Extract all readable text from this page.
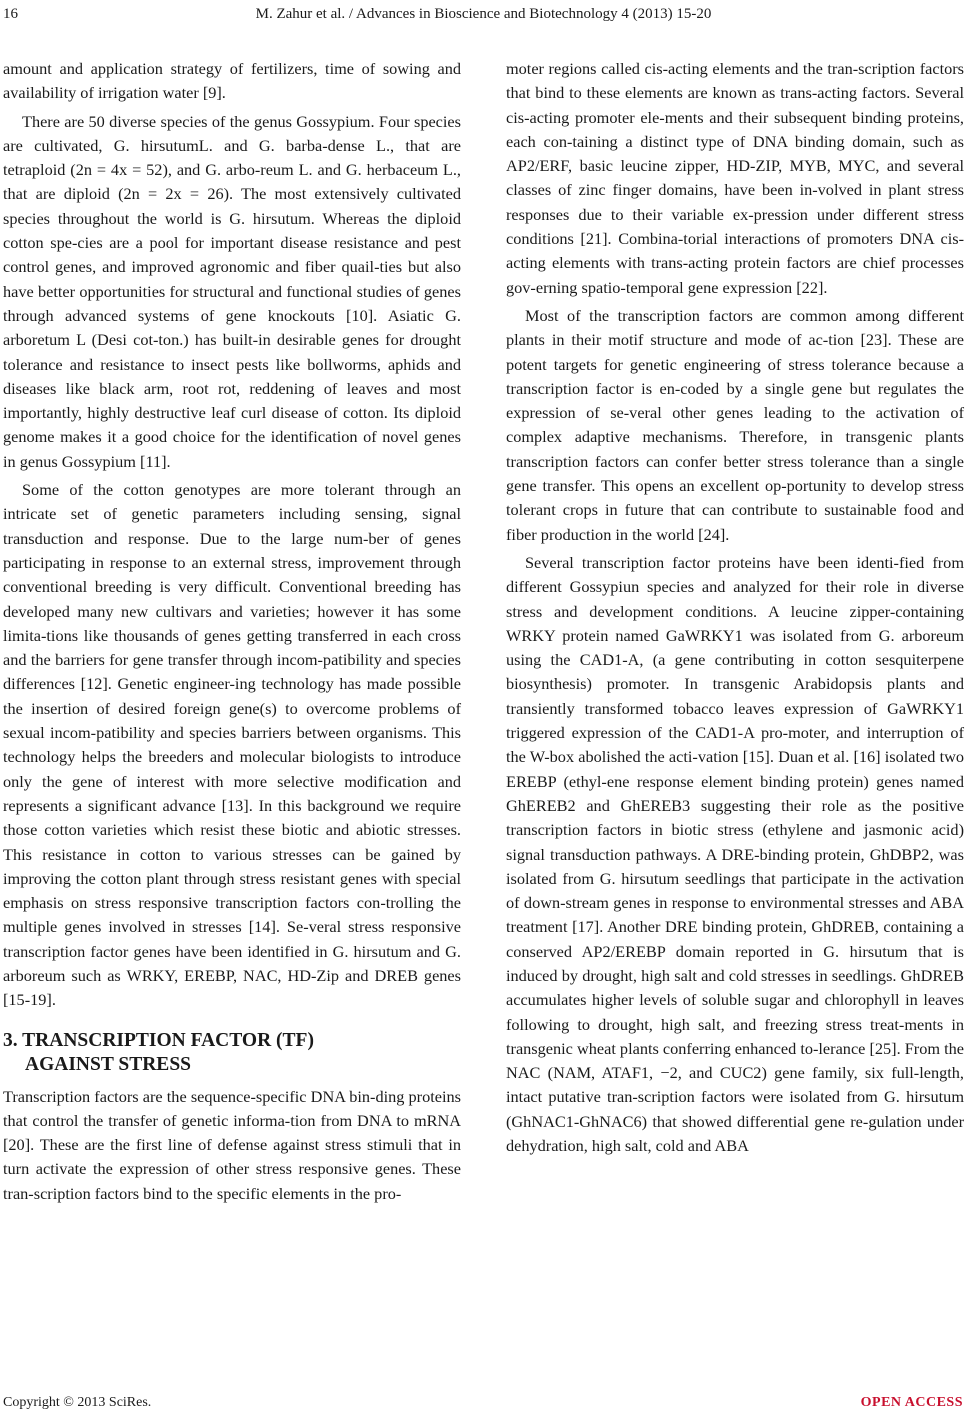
16	M. Zahur et al. / Advances in Bioscience and Biotechnology 4 (2013) 15-20

amount and application strategy of fertilizers, time of sowing and availability of irrigation water [9].

There are 50 diverse species of the genus Gossypium. Four species are cultivated, G. hirsutumL. and G. barba-dense L., that are tetraploid (2n = 4x = 52), and G. arbo-reum L. and G. herbaceum L., that are diploid (2n = 2x = 26). The most extensively cultivated species throughout the world is G. hirsutum. Whereas the diploid cotton spe-cies are a pool for important disease resistance and pest control genes, and improved agronomic and fiber quail-ties but also have better opportunities for structural and functional studies of genes through advanced systems of gene knockouts [10]. Asiatic G. arboretum L (Desi cot-ton.) has built-in desirable genes for drought tolerance and resistance to insect pests like bollworms, aphids and diseases like black arm, root rot, reddening of leaves and most importantly, highly destructive leaf curl disease of cotton. Its diploid genome makes it a good choice for the identification of novel genes in genus Gossypium [11].

Some of the cotton genotypes are more tolerant through an intricate set of genetic parameters including sensing, signal transduction and response. Due to the large num-ber of genes participating in response to an external stress, improvement through conventional breeding is very difficult. Conventional breeding has developed many new cultivars and varieties; however it has some limita-tions like thousands of genes getting transferred in each cross and the barriers for gene transfer through incom-patibility and species differences [12]. Genetic engineer-ing technology has made possible the insertion of desired foreign gene(s) to overcome problems of sexual incom-patibility and species barriers between organisms. This technology helps the breeders and molecular biologists to introduce only the gene of interest with more selective modification and represents a significant advance [13]. In this background we require those cotton varieties which resist these biotic and abiotic stresses. This resistance in cotton to various stresses can be gained by improving the cotton plant through stress resistant genes with special emphasis on stress responsive transcription factors con-trolling the multiple genes involved in stresses [14]. Se-veral stress responsive transcription factor genes have been identified in G. hirsutum and G. arboreum such as WRKY, EREBP, NAC, HD-Zip and DREB genes [15-19].

3. TRANSCRIPTION FACTOR (TF)
AGAINST STRESS

Transcription factors are the sequence-specific DNA bin-ding proteins that control the transfer of genetic informa-tion from DNA to mRNA [20]. These are the first line of defense against stress stimuli that in turn activate the expression of other stress responsive genes. These tran-scription factors bind to the specific elements in the pro-

moter regions called cis-acting elements and the tran-scription factors that bind to these elements are known as trans-acting factors. Several cis-acting promoter ele-ments and their subsequent binding proteins, each con-taining a distinct type of DNA binding domain, such as AP2/ERF, basic leucine zipper, HD-ZIP, MYB, MYC, and several classes of zinc finger domains, have been in-volved in plant stress responses due to their variable ex-pression under different stress conditions [21]. Combina-torial interactions of promoters DNA cis-acting elements with trans-acting protein factors are chief processes gov-erning spatio-temporal gene expression [22].

Most of the transcription factors are common among different plants in their motif structure and mode of ac-tion [23]. These are potent targets for genetic engineering of stress tolerance because a transcription factor is en-coded by a single gene but regulates the expression of se-veral other genes leading to the activation of complex adaptive mechanisms. Therefore, in transgenic plants transcription factors can confer better stress tolerance than a single gene transfer. This opens an excellent op-portunity to develop stress tolerant crops in future that can contribute to sustainable food and fiber production in the world [24].

Several transcription factor proteins have been identi-fied from different Gossypiun species and analyzed for their role in diverse stress and development conditions. A leucine zipper-containing WRKY protein named GaWRKY1 was isolated from G. arboreum using the CAD1-A, (a gene contributing in cotton sesquiterpene biosynthesis) promoter. In transgenic Arabidopsis plants and transiently transformed tobacco leaves expression of GaWRKY1 triggered expression of the CAD1-A pro-moter, and interruption of the W-box abolished the acti-vation [15]. Duan et al. [16] isolated two EREBP (ethyl-ene response element binding protein) genes named GhEREB2 and GhEREB3 suggesting their role as the positive transcription factors in biotic stress (ethylene and jasmonic acid) signal transduction pathways. A DRE-binding protein, GhDBP2, was isolated from G. hirsutum seedlings that participate in the activation of down-stream genes in response to environmental stresses and ABA treatment [17]. Another DRE binding protein, GhDREB, containing a conserved AP2/EREBP domain reported in G. hirsutum that is induced by drought, high salt and cold stresses in seedlings. GhDREB accumulates higher levels of soluble sugar and chlorophyll in leaves following to drought, high salt, and freezing stress treat-ments in transgenic wheat plants conferring enhanced to-lerance [25]. From the NAC (NAM, ATAF1, −2, and CUC2) gene family, six full-length, intact putative tran-scription factors were isolated from G. hirsutum (GhNAC1-GhNAC6) that showed differential gene re-gulation under dehydration, high salt, cold and ABA

Copyright © 2013 SciRes.	OPEN ACCESS
